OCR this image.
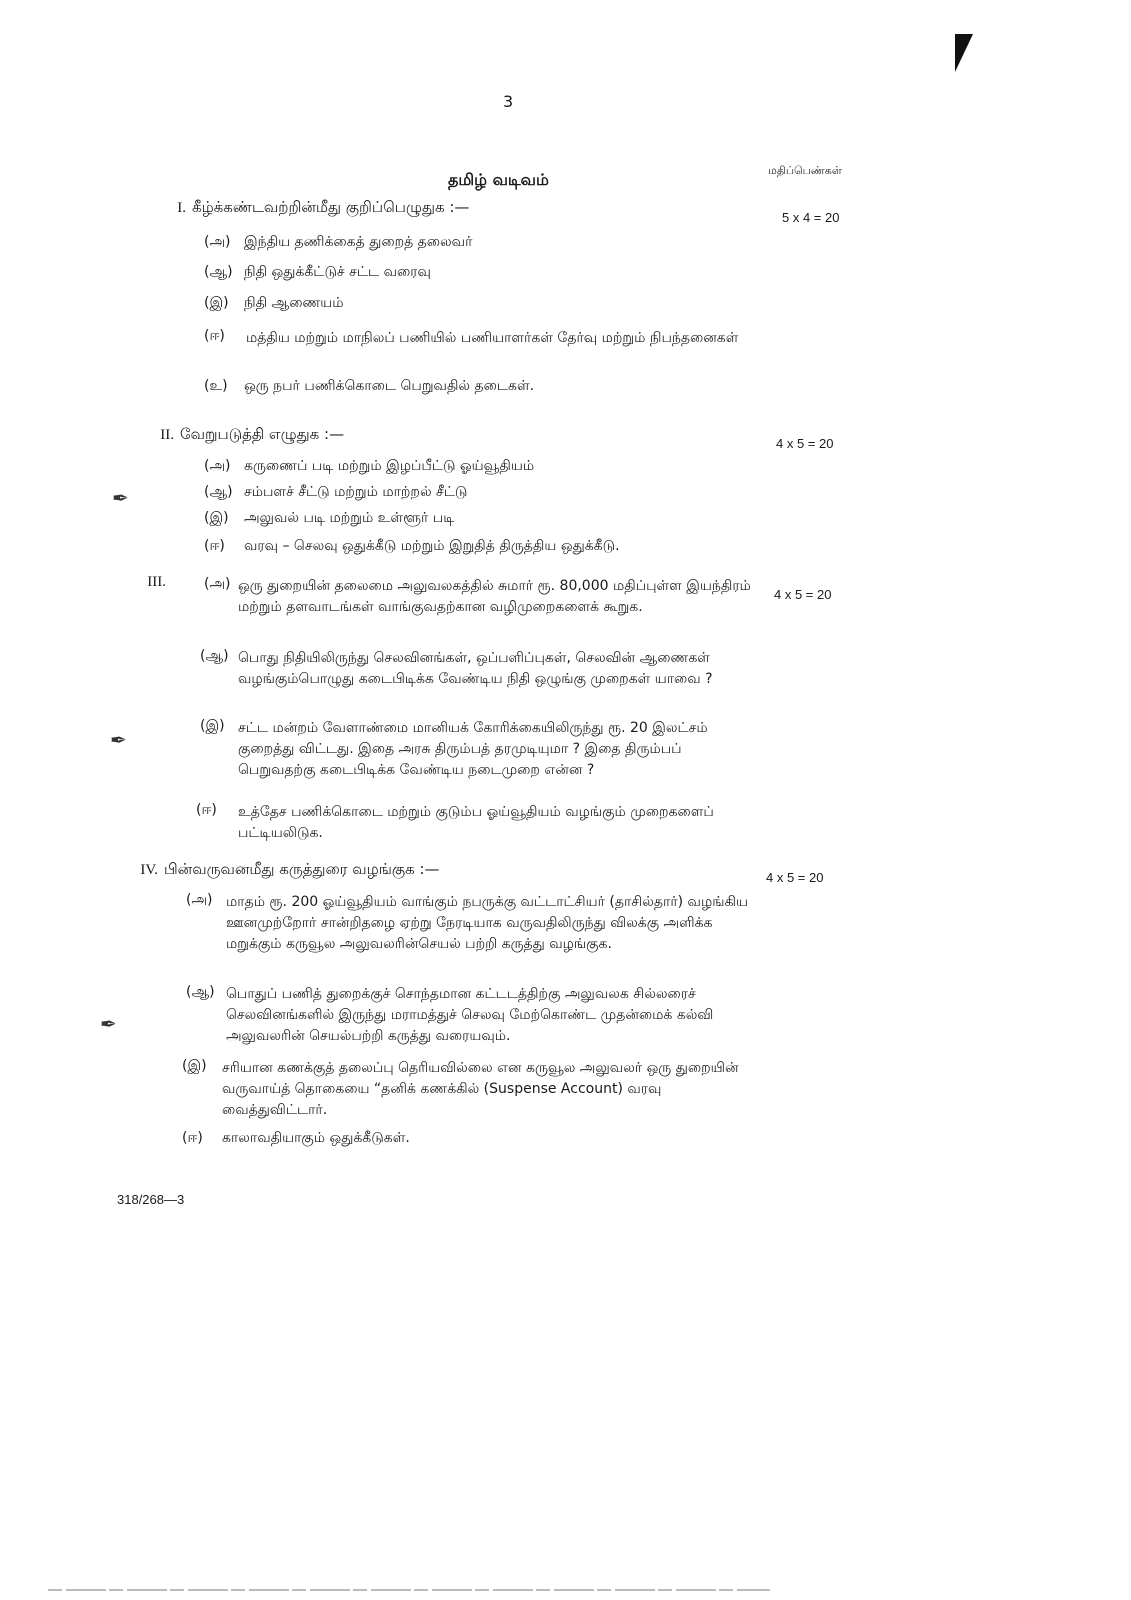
3
தமிழ் வடிவம்	மதிப்பெண்கள்
I. கீழ்க்கண்டவற்றின்மீது குறிப்பெழுதுக :—
5 x 4 = 20
(அ) இந்திய தணிக்கைத் துறைத் தலைவர்
(ஆ) நிதி ஒதுக்கீட்டுச் சட்ட வரைவு
(இ) நிதி ஆணையம்
(ஈ) மத்திய மற்றும் மாநிலப் பணியில் பணியாளர்கள் தேர்வு மற்றும் நிபந்தனைகள்
(உ) ஒரு நபர் பணிக்கொடை பெறுவதில் தடைகள்.
II. வேறுபடுத்தி எழுதுக :—
4 x 5 = 20
(அ) கருணைப் படி மற்றும் இழப்பீட்டு ஓய்வூதியம்
(ஆ) சம்பளச் சீட்டு மற்றும் மாற்றல் சீட்டு
(இ) அலுவல் படி மற்றும் உள்ளூர் படி
(ஈ) வரவு – செலவு ஒதுக்கீடு மற்றும் இறுதித் திருத்திய ஒதுக்கீடு.
III.
4 x 5 = 20
(அ) ஒரு துறையின் தலைமை அலுவலகத்தில் சுமார் ரூ. 80,000 மதிப்புள்ள இயந்திரம் மற்றும் தளவாடங்கள் வாங்குவதற்கான வழிமுறைகளைக் கூறுக.
(ஆ) பொது நிதியிலிருந்து செலவினங்கள், ஒப்பளிப்புகள், செலவின் ஆணைகள் வழங்கும்பொழுது கடைபிடிக்க வேண்டிய நிதி ஒழுங்கு முறைகள் யாவை ?
(இ) சட்ட மன்றம் வேளாண்மை மானியக் கோரிக்கையிலிருந்து ரூ. 20 இலட்சம் குறைத்து விட்டது. இதை அரசு திரும்பத் தரமுடியுமா ? இதை திரும்பப் பெறுவதற்கு கடைபிடிக்க வேண்டிய நடைமுறை என்ன ?
(ஈ) உத்தேச பணிக்கொடை மற்றும் குடும்ப ஓய்வூதியம் வழங்கும் முறைகளைப் பட்டியலிடுக.
IV. பின்வருவனமீது கருத்துரை வழங்குக :—	4 x 5 = 20
(அ) மாதம் ரூ. 200 ஓய்வூதியம் வாங்கும் நபருக்கு வட்டாட்சியர் (தாசில்தார்) வழங்கிய ஊனமுற்றோர் சான்றிதழை ஏற்று நேரடியாக வருவதிலிருந்து விலக்கு அளிக்க மறுக்கும் கருவூல அலுவலரின்செயல் பற்றி கருத்து வழங்குக.
(ஆ) பொதுப் பணித் துறைக்குச் சொந்தமான கட்டடத்திற்கு அலுவலக சில்லரைச் செலவினங்களில் இருந்து மராமத்துச் செலவு மேற்கொண்ட முதன்மைக் கல்வி அலுவலரின் செயல்பற்றி கருத்து வரையவும்.
(இ) சரியான கணக்குத் தலைப்பு தெரியவில்லை என கருவூல அலுவலர் ஒரு துறையின் வருவாய்த் தொகையை “தனிக் கணக்கில் (Suspense Account) வரவு வைத்துவிட்டார்.
(ஈ) காலாவதியாகும் ஒதுக்கீடுகள்.
318/268—3
✒
✒
✒
